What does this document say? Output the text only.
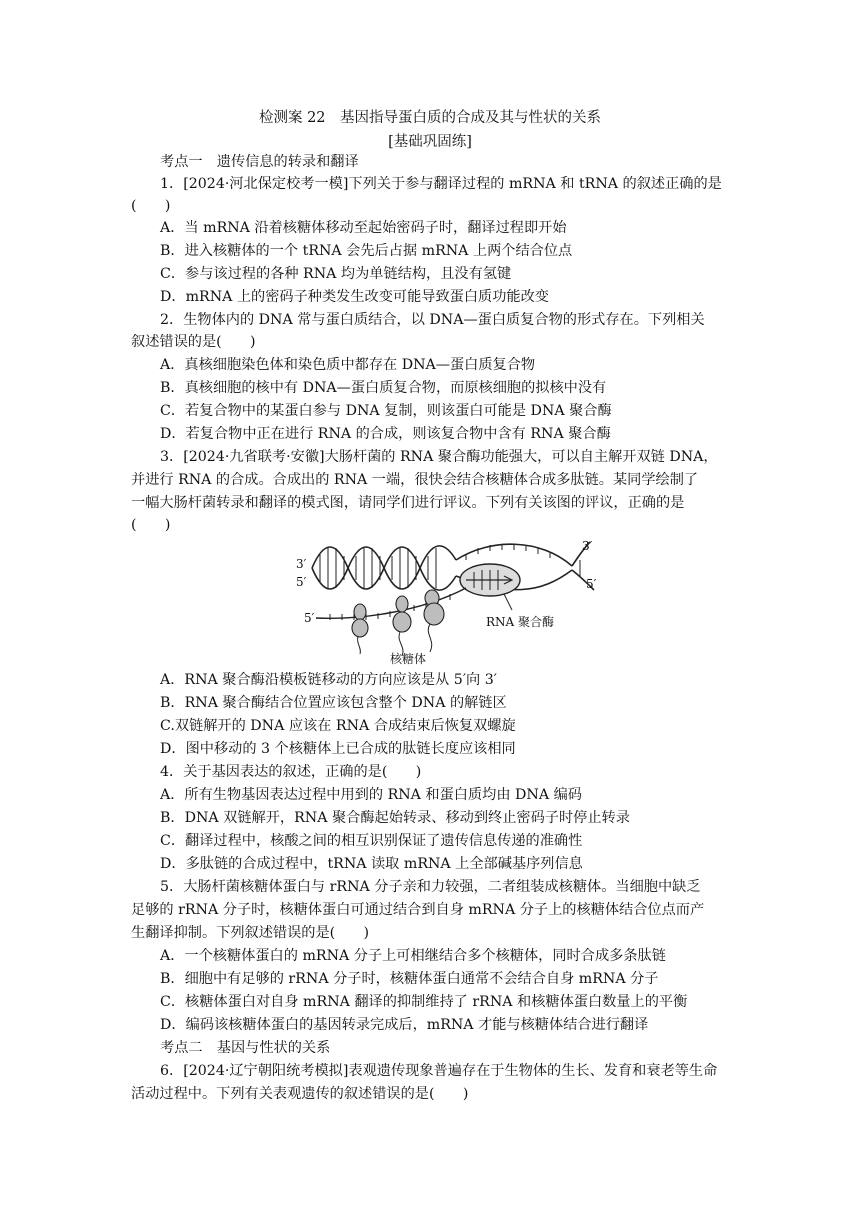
检测案 22　基因指导蛋白质的合成及其与性状的关系
[基础巩固练]
考点一　遗传信息的转录和翻译
1．[2024·河北保定校考一模]下列关于参与翻译过程的 mRNA 和 tRNA 的叙述正确的是
(　　)
A．当 mRNA 沿着核糖体移动至起始密码子时，翻译过程即开始
B．进入核糖体的一个 tRNA 会先后占据 mRNA 上两个结合位点
C．参与该过程的各种 RNA 均为单链结构，且没有氢键
D．mRNA 上的密码子种类发生改变可能导致蛋白质功能改变
2．生物体内的 DNA 常与蛋白质结合，以 DNA—蛋白质复合物的形式存在。下列相关
叙述错误的是(　　)
A．真核细胞染色体和染色质中都存在 DNA—蛋白质复合物
B．真核细胞的核中有 DNA—蛋白质复合物，而原核细胞的拟核中没有
C．若复合物中的某蛋白参与 DNA 复制，则该蛋白可能是 DNA 聚合酶
D．若复合物中正在进行 RNA 的合成，则该复合物中含有 RNA 聚合酶
3．[2024·九省联考·安徽]大肠杆菌的 RNA 聚合酶功能强大，可以自主解开双链 DNA，
并进行 RNA 的合成。合成出的 RNA 一端，很快会结合核糖体合成多肽链。某同学绘制了
一幅大肠杆菌转录和翻译的模式图，请同学们进行评议。下列有关该图的评议，正确的是
(　　)
3′
5′
3′
5′
5′	RNA 聚合酶
核糖体
A．RNA 聚合酶沿模板链移动的方向应该是从 5′向 3′
B．RNA 聚合酶结合位置应该包含整个 DNA 的解链区
C.双链解开的 DNA 应该在 RNA 合成结束后恢复双螺旋
D．图中移动的 3 个核糖体上已合成的肽链长度应该相同
4．关于基因表达的叙述，正确的是(　　)
A．所有生物基因表达过程中用到的 RNA 和蛋白质均由 DNA 编码
B．DNA 双链解开，RNA 聚合酶起始转录、移动到终止密码子时停止转录
C．翻译过程中，核酸之间的相互识别保证了遗传信息传递的准确性
D．多肽链的合成过程中，tRNA 读取 mRNA 上全部碱基序列信息
5．大肠杆菌核糖体蛋白与 rRNA 分子亲和力较强，二者组装成核糖体。当细胞中缺乏
足够的 rRNA 分子时，核糖体蛋白可通过结合到自身 mRNA 分子上的核糖体结合位点而产
生翻译抑制。下列叙述错误的是(　　)
A．一个核糖体蛋白的 mRNA 分子上可相继结合多个核糖体，同时合成多条肽链
B．细胞中有足够的 rRNA 分子时，核糖体蛋白通常不会结合自身 mRNA 分子
C．核糖体蛋白对自身 mRNA 翻译的抑制维持了 rRNA 和核糖体蛋白数量上的平衡
D．编码该核糖体蛋白的基因转录完成后，mRNA 才能与核糖体结合进行翻译
考点二　基因与性状的关系
6．[2024·辽宁朝阳统考模拟]表观遗传现象普遍存在于生物体的生长、发育和衰老等生命
活动过程中。下列有关表观遗传的叙述错误的是(　　)
